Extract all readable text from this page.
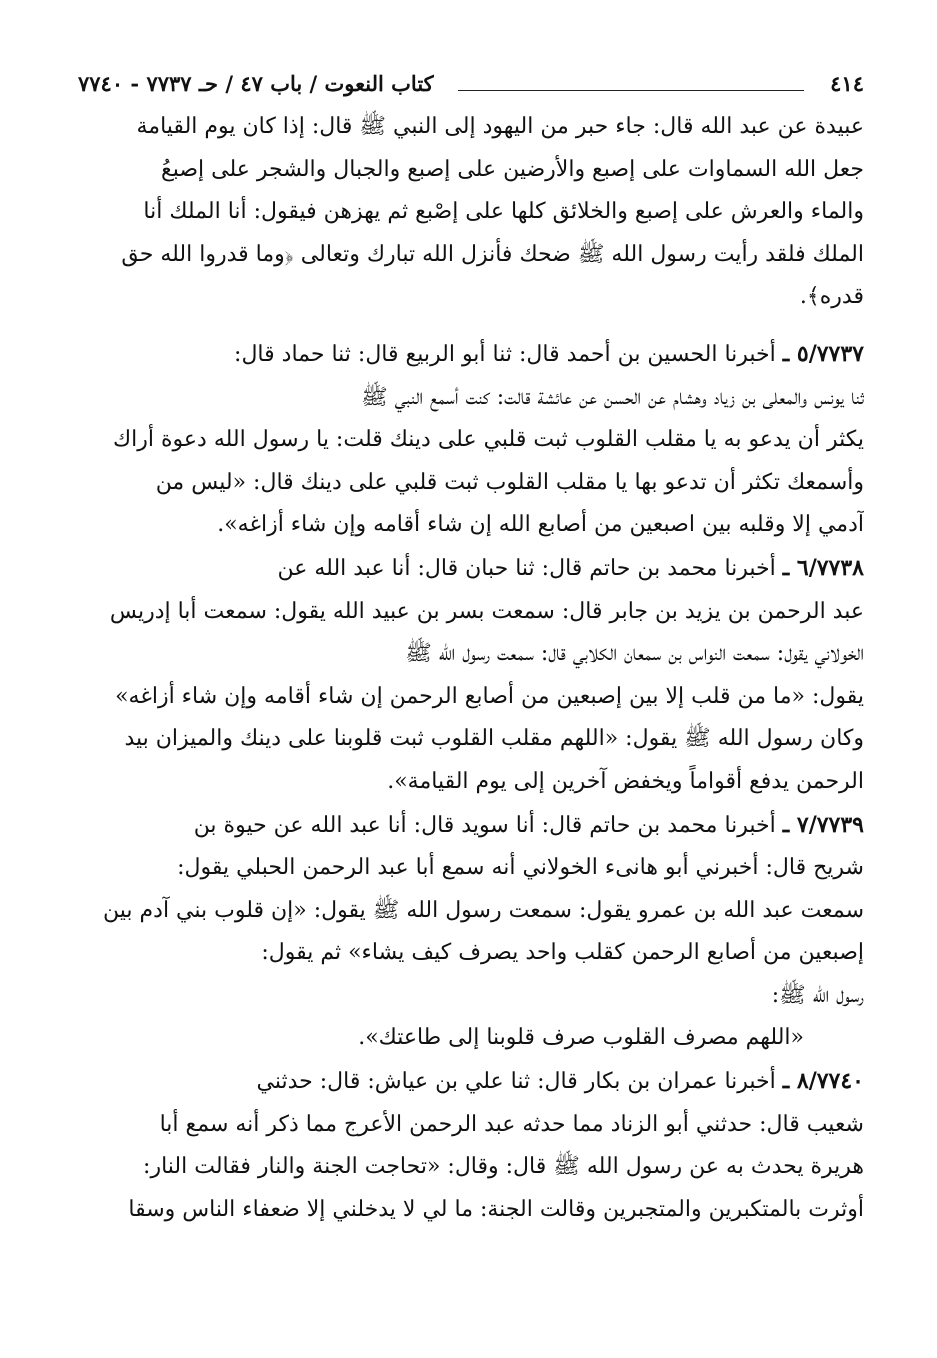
٤١٤
كتاب النعوت / باب ٤٧ / حـ ٧٧٣٧ - ٧٧٤٠
عبيدة عن عبد الله قال: جاء حبر من اليهود إلى النبي ﷺ قال: إذا كان يوم القيامة
جعل الله السماوات على إصبع والأرضين على إصبع والجبال والشجر على إصبعُ
والماء والعرش على إصبع والخلائق كلها على إصْبع ثم يهزهن فيقول: أنا الملك أنا
الملك فلقد رأيت رسول الله ﷺ ضحك فأنزل الله تبارك وتعالى ﴿وما قدروا الله حق
قدره﴾.
٥/٧٧٣٧ ـ أخبرنا الحسين بن أحمد قال: ثنا أبو الربيع قال: ثنا حماد قال:
ثنا يونس والمعلى بن زياد وهشام عن الحسن عن عائشة قالت: كنت أسمع النبي ﷺ
يكثر أن يدعو به يا مقلب القلوب ثبت قلبي على دينك قلت: يا رسول الله دعوة أراك
وأسمعك تكثر أن تدعو بها يا مقلب القلوب ثبت قلبي على دينك قال: «ليس من
آدمي إلا وقلبه بين اصبعين من أصابع الله إن شاء أقامه وإن شاء أزاغه».
٦/٧٧٣٨ ـ أخبرنا محمد بن حاتم قال: ثنا حبان قال: أنا عبد الله عن
عبد الرحمن بن يزيد بن جابر قال: سمعت بسر بن عبيد الله يقول: سمعت أبا إدريس
الخولاني يقول: سمعت النواس بن سمعان الكلابي قال: سمعت رسول الله ﷺ
يقول: «ما من قلب إلا بين إصبعين من أصابع الرحمن إن شاء أقامه وإن شاء أزاغه»
وكان رسول الله ﷺ يقول: «اللهم مقلب القلوب ثبت قلوبنا على دينك والميزان بيد
الرحمن يدفع أقواماً ويخفض آخرين إلى يوم القيامة».
٧/٧٧٣٩ ـ أخبرنا محمد بن حاتم قال: أنا سويد قال: أنا عبد الله عن حيوة بن
شريح قال: أخبرني أبو هانىء الخولاني أنه سمع أبا عبد الرحمن الحبلي يقول:
سمعت عبد الله بن عمرو يقول: سمعت رسول الله ﷺ يقول: «إن قلوب بني آدم بين
إصبعين من أصابع الرحمن كقلب واحد يصرف كيف يشاء» ثم يقول:
رسول الله ﷺ:
«اللهم مصرف القلوب صرف قلوبنا إلى طاعتك».
٨/٧٧٤٠ ـ أخبرنا عمران بن بكار قال: ثنا علي بن عياش: قال: حدثني
شعيب قال: حدثني أبو الزناد مما حدثه عبد الرحمن الأعرج مما ذكر أنه سمع أبا
هريرة يحدث به عن رسول الله ﷺ قال: وقال: «تحاجت الجنة والنار فقالت النار:
أوثرت بالمتكبرين والمتجبرين وقالت الجنة: ما لي لا يدخلني إلا ضعفاء الناس وسقا
